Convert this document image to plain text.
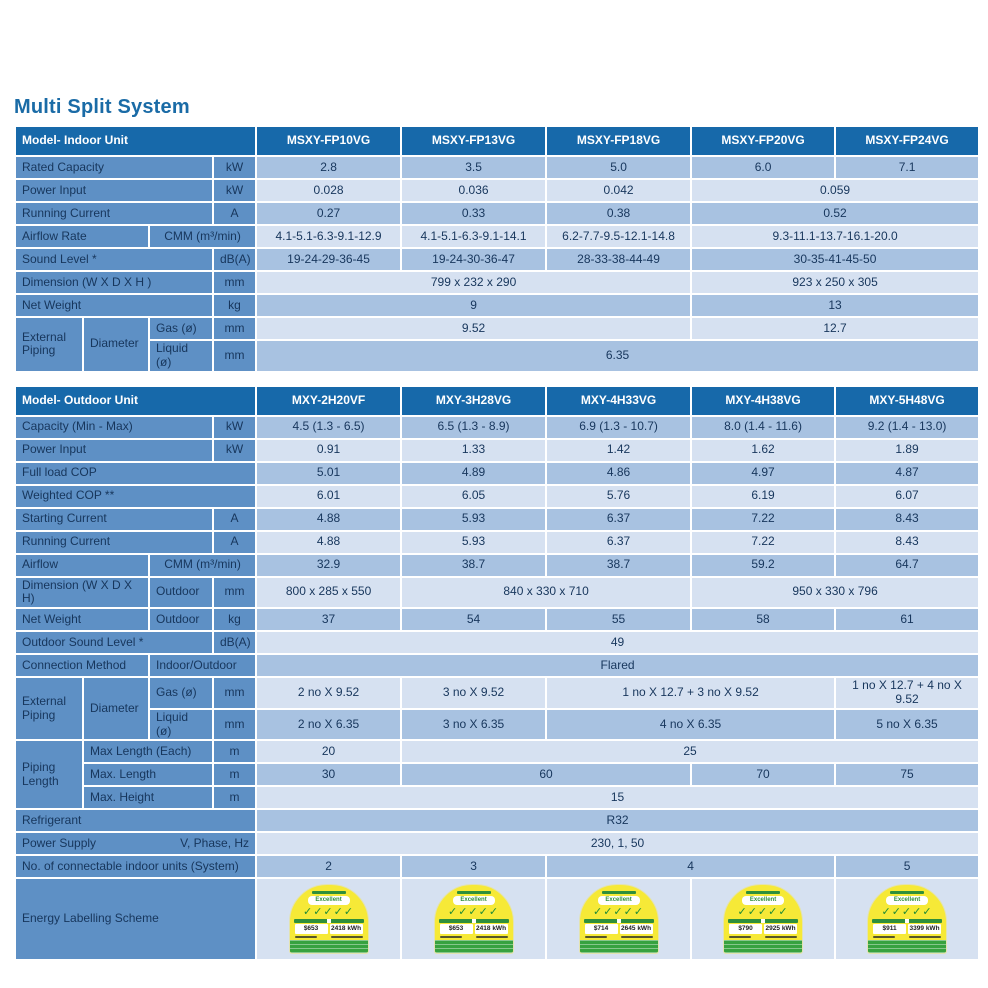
Multi Split System
Model- Indoor Unit				MSXY-FP10VG	MSXY-FP13VG	MSXY-FP18VG	MSXY-FP20VG	MSXY-FP24VG
Rated Capacity			kW	2.8	3.5	5.0	6.0	7.1
Power Input			kW	0.028	0.036	0.042	0.059	
Running Current			A	0.27	0.33	0.38	0.52	
Airflow Rate		CMM (m³/min)		4.1-5.1-6.3-9.1-12.9	4.1-5.1-6.3-9.1-14.1	6.2-7.7-9.5-12.1-14.8	9.3-11.1-13.7-16.1-20.0	
Sound Level *			dB(A)	19-24-29-36-45	19-24-30-36-47	28-33-38-44-49	30-35-41-45-50	
Dimension (W X D X H )			mm	799 x 232 x 290			923 x 250 x 305	
Net Weight			kg	9			13	
External Piping	Diameter	Gas (ø)	mm	9.52			12.7	
		Liquid (ø)	mm	6.35				
Model- Outdoor Unit				MXY-2H20VF	MXY-3H28VG	MXY-4H33VG	MXY-4H38VG	MXY-5H48VG
Capacity (Min - Max)			kW	4.5 (1.3 - 6.5)	6.5 (1.3 - 8.9)	6.9 (1.3 - 10.7)	8.0 (1.4 - 11.6)	9.2 (1.4 - 13.0)
Power Input			kW	0.91	1.33	1.42	1.62	1.89
Full load COP				5.01	4.89	4.86	4.97	4.87
Weighted COP **				6.01	6.05	5.76	6.19	6.07
Starting Current			A	4.88	5.93	6.37	7.22	8.43
Running Current			A	4.88	5.93	6.37	7.22	8.43
Airflow		CMM (m³/min)		32.9	38.7	38.7	59.2	64.7
Dimension (W X D X H)		Outdoor	mm	800 x 285 x 550	840 x 330 x 710		950 x 330 x 796	
Net Weight		Outdoor	kg	37	54	55	58	61
Outdoor Sound Level *			dB(A)	49				
Connection Method		Indoor/Outdoor		Flared				
External Piping	Diameter	Gas (ø)	mm	2 no X 9.52	3 no X 9.52	1 no X 12.7 + 3 no X 9.52		1 no X 12.7 + 4 no X 9.52
		Liquid (ø)	mm	2 no X 6.35	3 no X 6.35	4 no X 6.35		5 no X 6.35
Piping Length	Max Length (Each)		m	20	25			
	Max. Length		m	30	60		70	75
	Max. Height		m	15				
Refrigerant				R32				

Power Supply V, Phase, Hz				230, 1, 50				
No. of connectable indoor units (System)				2	3	4		5
Energy Labelling Scheme	
Excellent
✓✓✓✓✓
$653	2418 kWh

Excellent
✓✓✓✓✓
$653	2418 kWh

Excellent
✓✓✓✓✓
$714	2645 kWh

Excellent
✓✓✓✓✓
$790	2925 kWh

Excellent
✓✓✓✓✓
$911	3399 kWh
